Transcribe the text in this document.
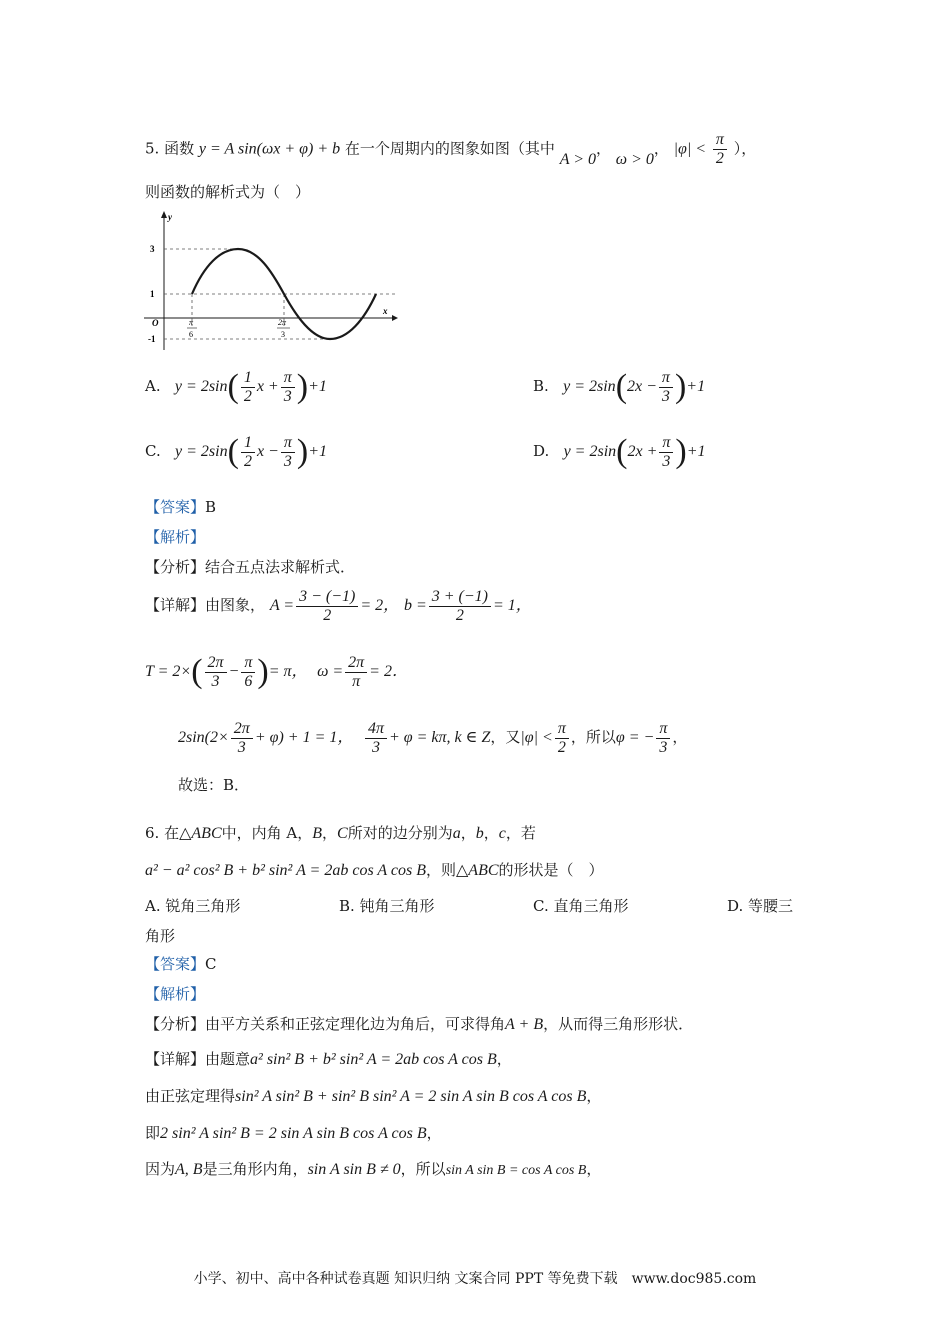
5. 函数 y = A sin(ωx + φ) + b 在一个周期内的图象如图（其中 A > 0， ω > 0， $|\varphi| < \frac{\pi}{2}$ ），
则函数的解析式为（　）
y
x
O
3
1
-1
π
6
2π
3
A. $y = 2\sin( \frac{1}{2}$ $x + \frac{\pi}{3} )+1$	B. $y = 2\sin(2x - \frac{\pi}{3} )+1$
C. $y = 2\sin( \frac{1}{2}$ $x - \frac{\pi}{3} )+1$	D. $y = 2\sin(2x + \frac{\pi}{3} )+1$
【答案】B
【解析】
【分析】结合五点法求解析式．
【详解】由图象， $A = \frac{3 - (-1)}{2} = 2$， $b = \frac{3 + (-1)}{2} = 1$，
$T = 2\times( \frac{2\pi}{3} - \frac{\pi}{6}$ )= π， $\omega = \frac{2\pi}{\pi} = 2$．
$2\sin(2\times \frac{2\pi}{3} + \varphi) + 1 = 1$， $\frac{4\pi}{3} + \varphi = k\pi$, k ∈ Z，又$|\varphi| < \frac{\pi}{2}$ ，所以φ = − $\frac{\pi}{3}$ ，
故选：B．
6. 在△ABC中，内角 A，B，C所对的边分别为a，b，c，若
a² − a² cos² B + b² sin² A = 2ab cos A cos B，则△ABC的形状是（　）
A. 锐角三角形	B. 钝角三角形	C. 直角三角形	D. 等腰三
角形
【答案】C
【解析】
【分析】由平方关系和正弦定理化边为角后，可求得角A + B，从而得三角形形状．
【详解】由题意a² sin² B + b² sin² A = 2ab cos A cos B，
由正弦定理得sin² A sin² B + sin² B sin² A = 2 sin A sin B cos A cos B，
即2 sin² A sin² B = 2 sin A sin B cos A cos B，
因为A, B是三角形内角，sin A sin B ≠ 0，所以sin A sin B = cos A cos B，
小学、初中、高中各种试卷真题 知识归纳 文案合同 PPT 等免费下载　www.doc985.com
